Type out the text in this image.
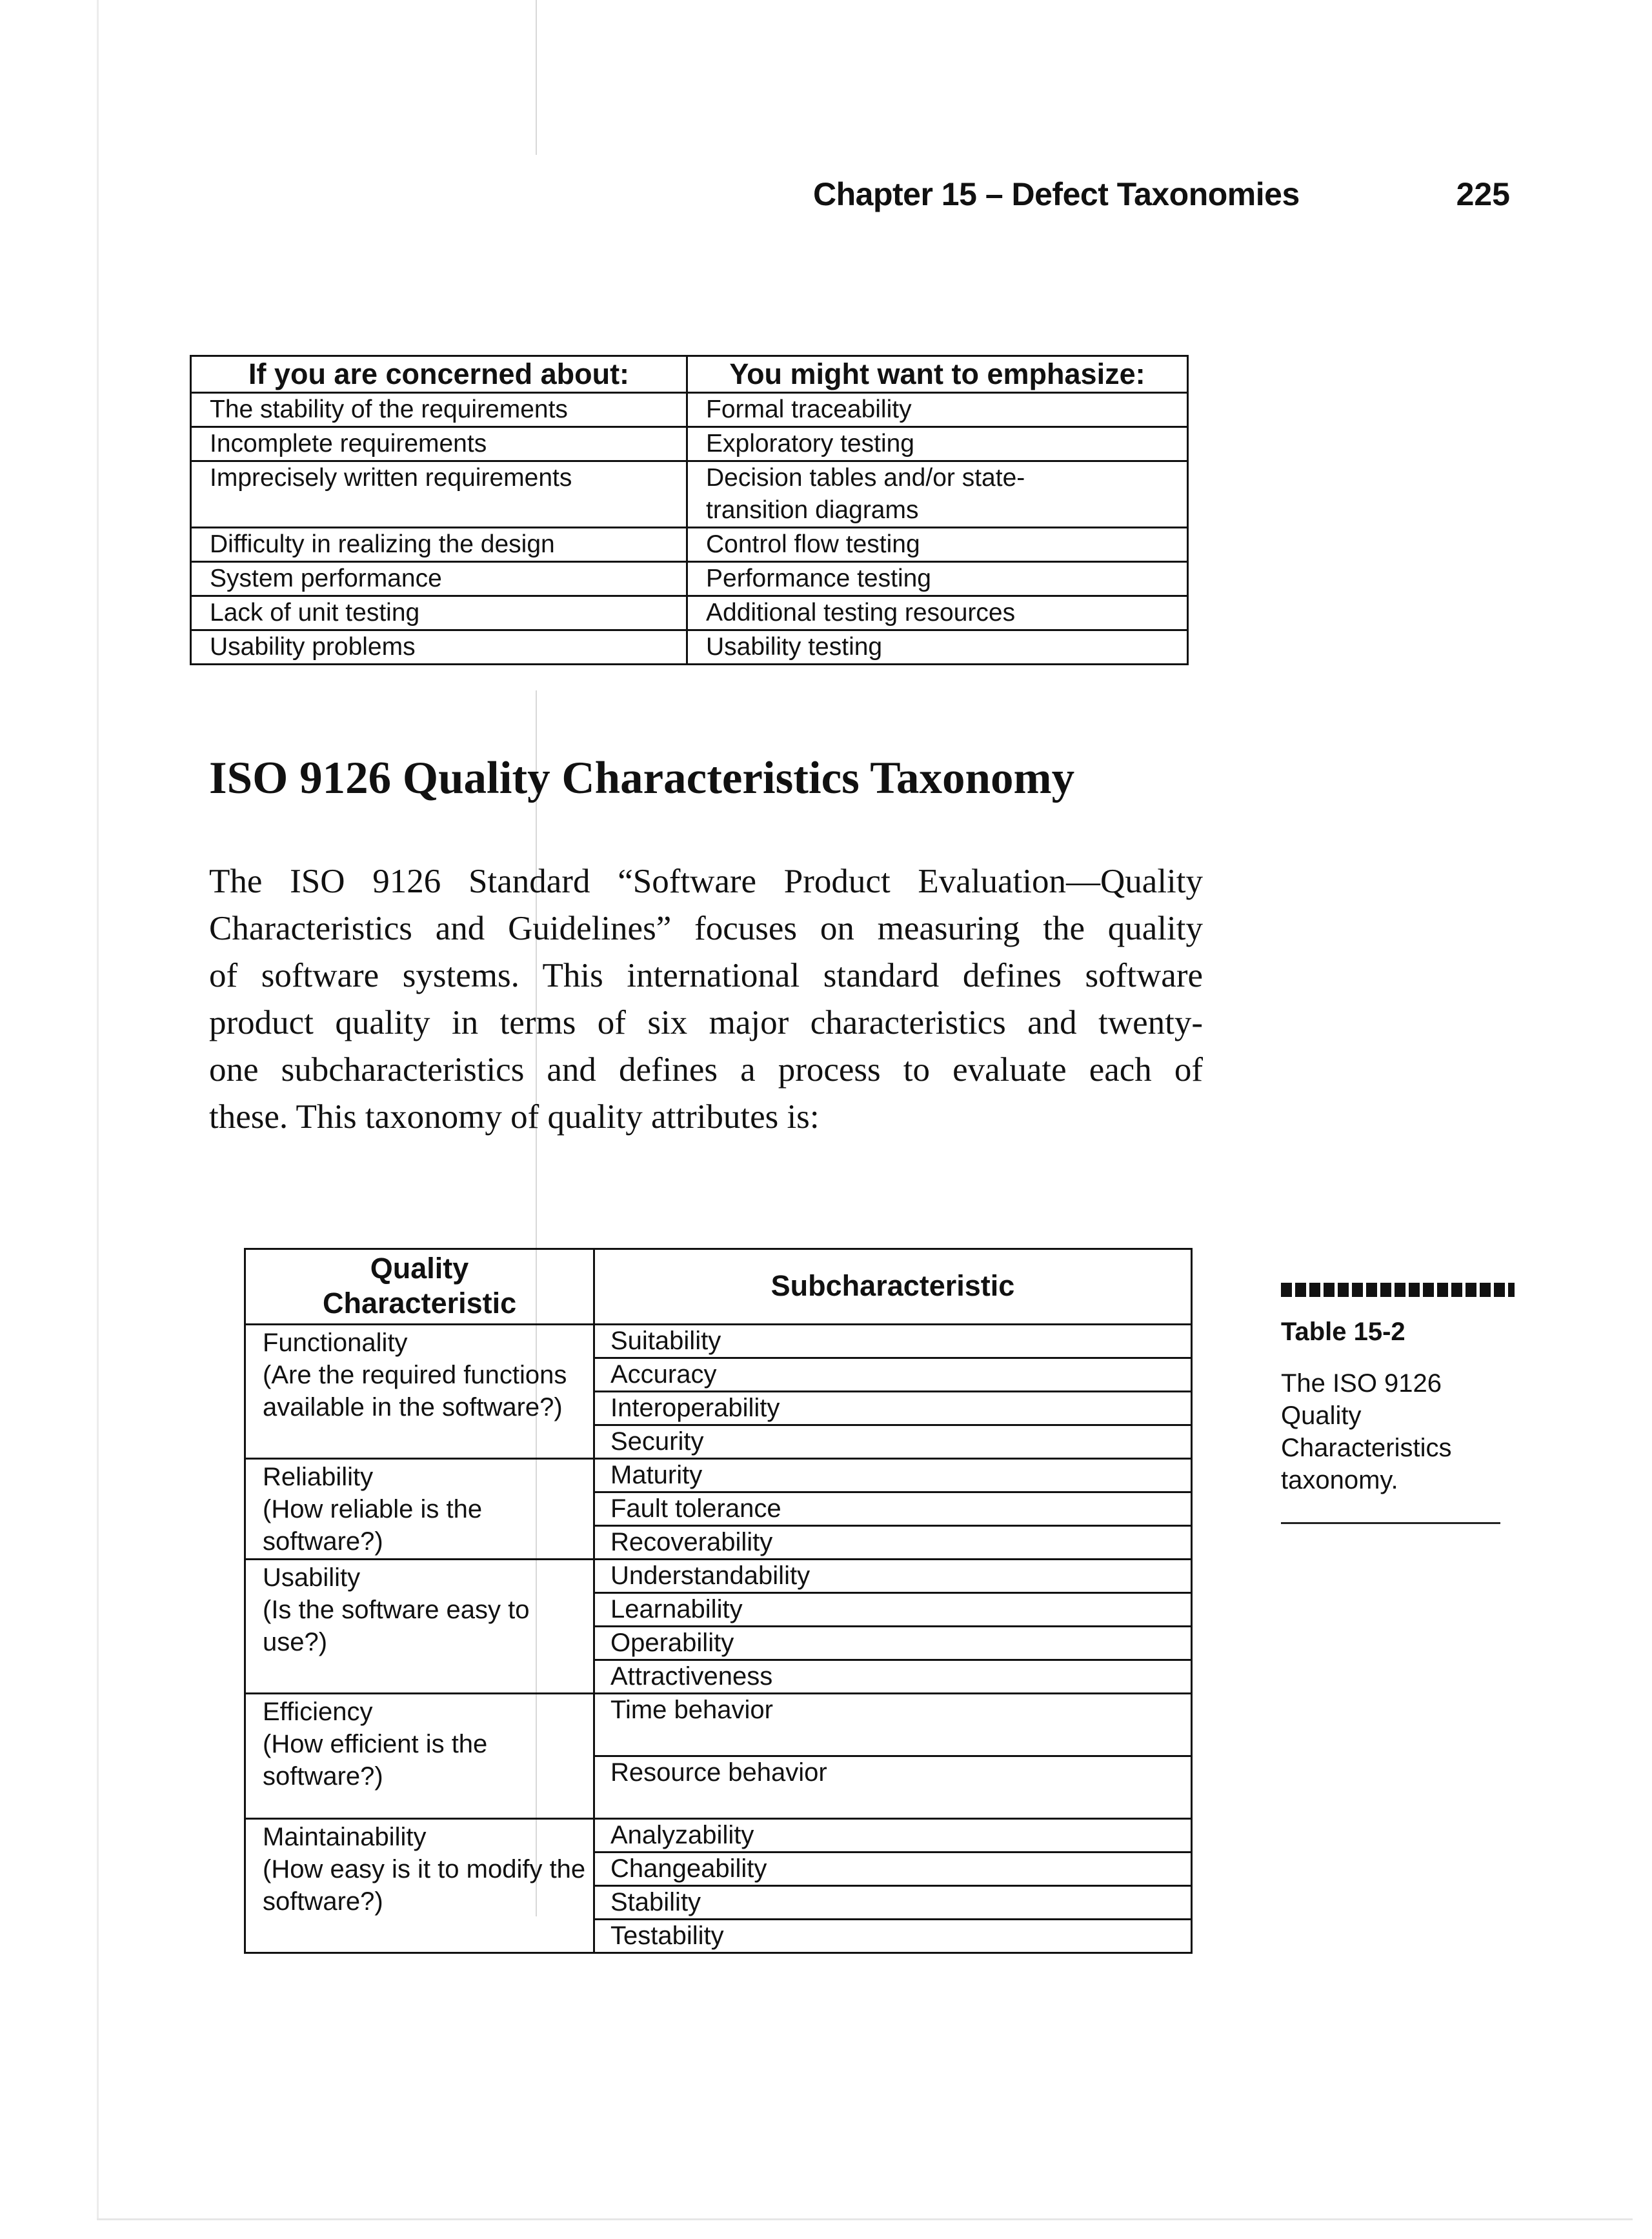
Chapter 15 – Defect Taxonomies	225
If you are concerned about:	You might want to emphasize:
The stability of the requirements	Formal traceability
Incomplete requirements	Exploratory testing
Imprecisely written requirements	Decision tables and/or state-transition diagrams

Difficulty in realizing the design	Control flow testing
System performance	Performance testing
Lack of unit testing	Additional testing resources
Usability problems	Usability testing
ISO 9126 Quality Characteristics Taxonomy
The ISO 9126 Standard “Software Product Evaluation—Quality
Characteristics and Guidelines” focuses on measuring the quality
of software systems. This international standard defines software
product quality in terms of six major characteristics and twenty-
one subcharacteristics and defines a process to evaluate each of
these. This taxonomy of quality attributes is:
Quality Characteristic	Subcharacteristic
Functionality
(Are the required functions available in the software?)	Suitability
	Accuracy
	Interoperability
	Security
Reliability
(How reliable is the software?)	Maturity
	Fault tolerance
	Recoverability
Usability
(Is the software easy to use?)	Understandability
	Learnability
	Operability
	Attractiveness
Efficiency
(How efficient is the software?)	Time behavior
	Resource behavior
Maintainability
(How easy is it to modify the software?)	Analyzability
	Changeability
	Stability
	Testability
Table 15-2
The ISO 9126 Quality Characteristics taxonomy.
